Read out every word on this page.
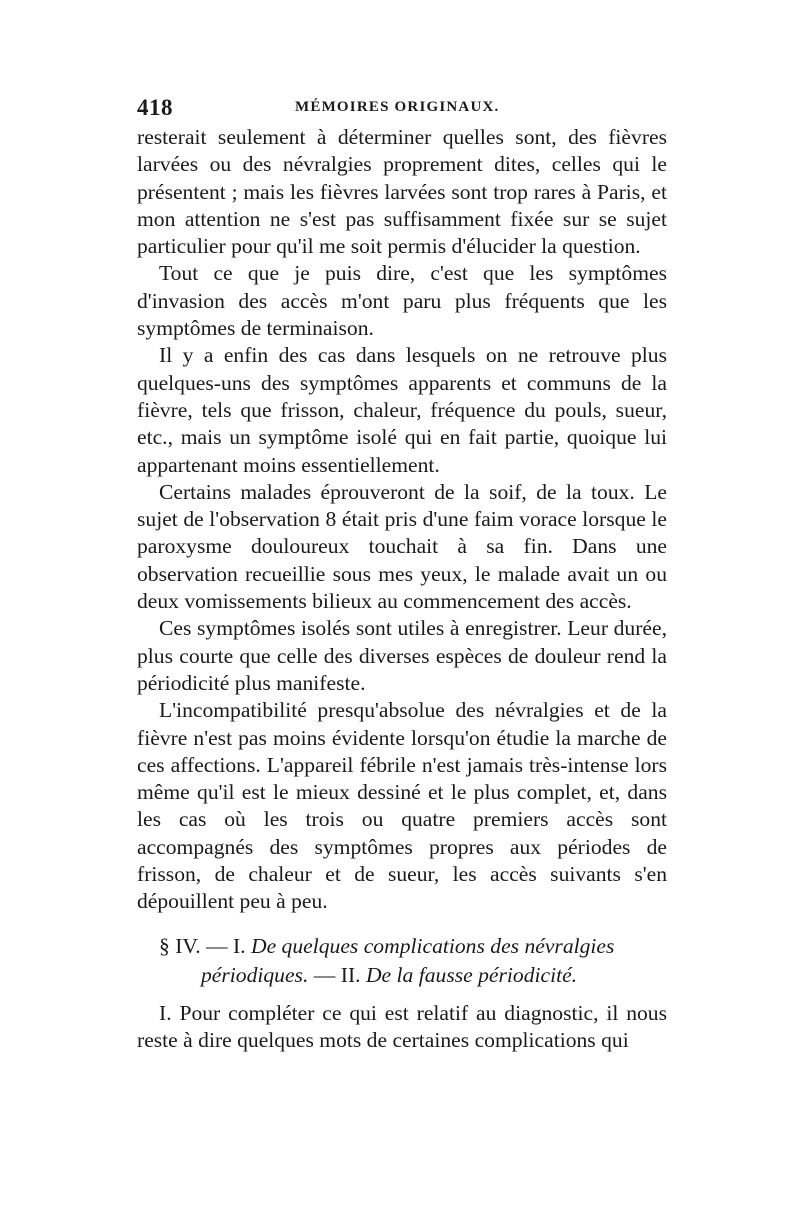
418	MÉMOIRES ORIGINAUX.

resterait seulement à déterminer quelles sont, des fièvres larvées ou des névralgies proprement dites, celles qui le présentent ; mais les fièvres larvées sont trop rares à Paris, et mon attention ne s'est pas suffisamment fixée sur se sujet particulier pour qu'il me soit permis d'élucider la question.

Tout ce que je puis dire, c'est que les symptômes d'invasion des accès m'ont paru plus fréquents que les symptômes de terminaison.

Il y a enfin des cas dans lesquels on ne retrouve plus quelques-uns des symptômes apparents et communs de la fièvre, tels que frisson, chaleur, fréquence du pouls, sueur, etc., mais un symptôme isolé qui en fait partie, quoique lui appartenant moins essentiellement.

Certains malades éprouveront de la soif, de la toux. Le sujet de l'observation 8 était pris d'une faim vorace lorsque le paroxysme douloureux touchait à sa fin. Dans une observation recueillie sous mes yeux, le malade avait un ou deux vomissements bilieux au commencement des accès.

Ces symptômes isolés sont utiles à enregistrer. Leur durée, plus courte que celle des diverses espèces de douleur rend la périodicité plus manifeste.

L'incompatibilité presqu'absolue des névralgies et de la fièvre n'est pas moins évidente lorsqu'on étudie la marche de ces affections. L'appareil fébrile n'est jamais très-intense lors même qu'il est le mieux dessiné et le plus complet, et, dans les cas où les trois ou quatre premiers accès sont accompagnés des symptômes propres aux périodes de frisson, de chaleur et de sueur, les accès suivants s'en dépouillent peu à peu.

§ IV. — I. De quelques complications des névralgies
périodiques. — II. De la fausse périodicité.

I. Pour compléter ce qui est relatif au diagnostic, il nous reste à dire quelques mots de certaines complications qui
